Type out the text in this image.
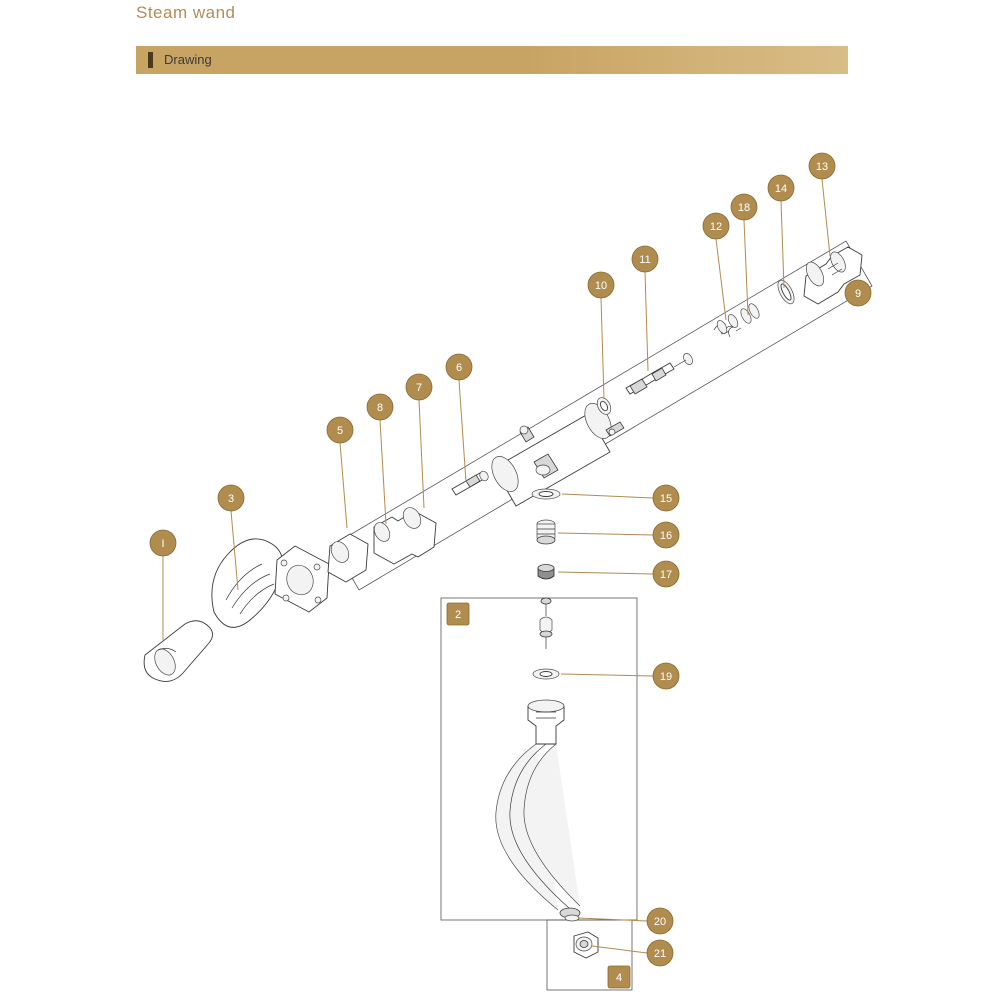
Steam wand
Drawing
I
3
5
8
7
6
10
11
12
18
14
13
9
15
16
17
19
20
21
2
4
